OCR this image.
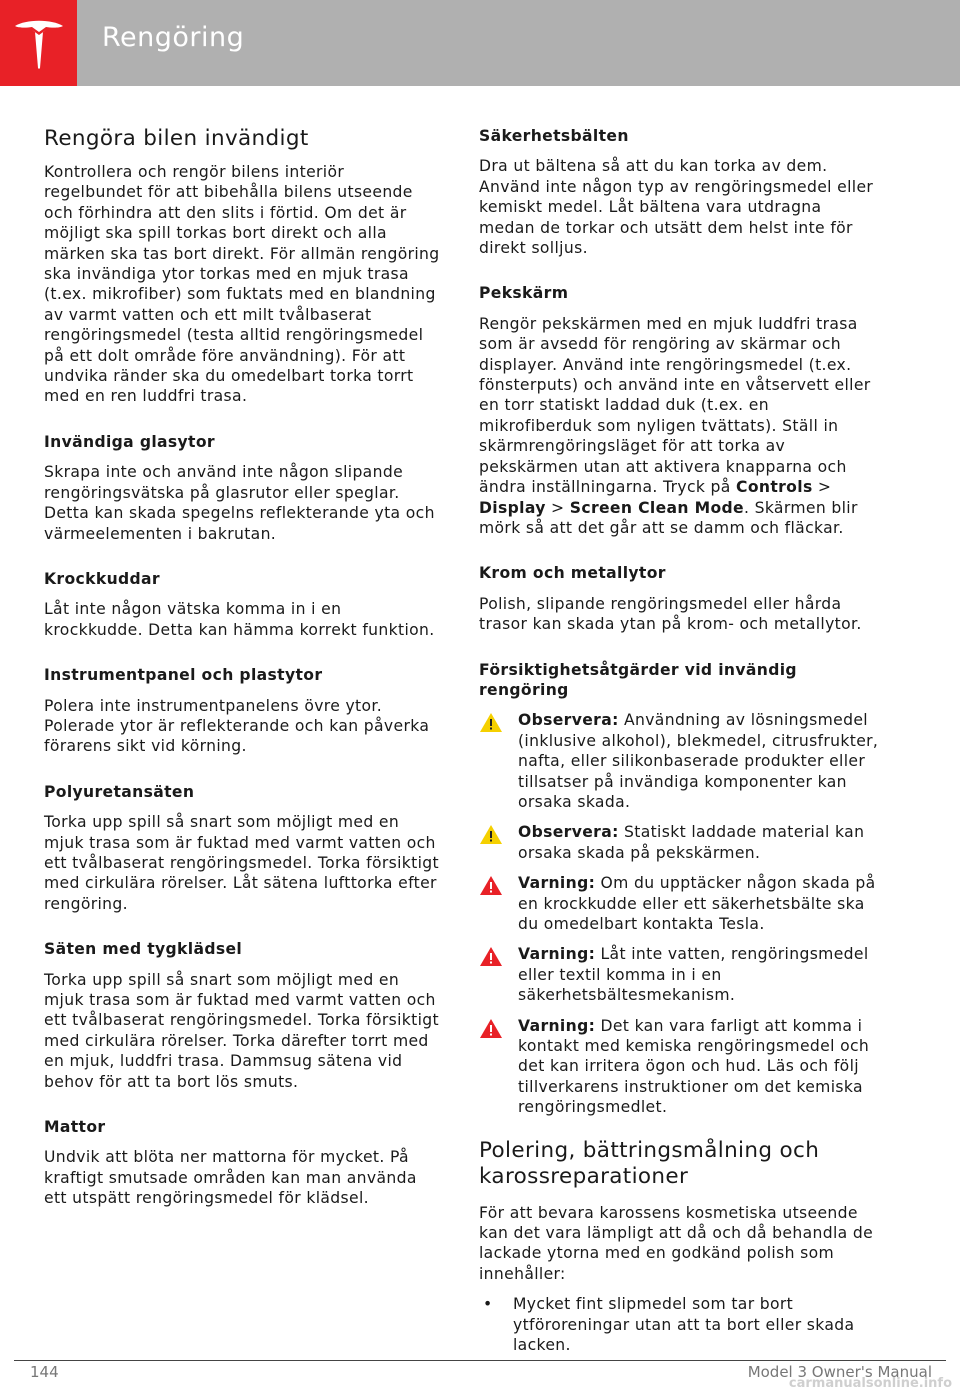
Rengöring
Rengöra bilen invändigt

Kontrollera och rengör bilens interiör regelbundet för att bibehålla bilens utseende och förhindra att den slits i förtid. Om det är möjligt ska spill torkas bort direkt och alla märken ska tas bort direkt. För allmän rengöring ska invändiga ytor torkas med en mjuk trasa (t.ex. mikrofiber) som fuktats med en blandning av varmt vatten och ett milt tvålbaserat rengöringsmedel (testa alltid rengöringsmedel på ett dolt område före användning). För att undvika ränder ska du omedelbart torka torrt med en ren luddfri trasa.

Invändiga glasytor

Skrapa inte och använd inte någon slipande rengöringsvätska på glasrutor eller speglar. Detta kan skada spegelns reflekterande yta och värmeelementen i bakrutan.

Krockkuddar

Låt inte någon vätska komma in i en krockkudde. Detta kan hämma korrekt funktion.

Instrumentpanel och plastytor

Polera inte instrumentpanelens övre ytor. Polerade ytor är reflekterande och kan påverka förarens sikt vid körning.

Polyuretansäten

Torka upp spill så snart som möjligt med en mjuk trasa som är fuktad med varmt vatten och ett tvålbaserat rengöringsmedel. Torka försiktigt med cirkulära rörelser. Låt sätena lufttorka efter rengöring.

Säten med tygklädsel

Torka upp spill så snart som möjligt med en mjuk trasa som är fuktad med varmt vatten och ett tvålbaserat rengöringsmedel. Torka försiktigt med cirkulära rörelser. Torka därefter torrt med en mjuk, luddfri trasa. Dammsug sätena vid behov för att ta bort lös smuts.

Mattor

Undvik att blöta ner mattorna för mycket. På kraftigt smutsade områden kan man använda ett utspätt rengöringsmedel för klädsel.

Säkerhetsbälten

Dra ut bältena så att du kan torka av dem. Använd inte någon typ av rengöringsmedel eller kemiskt medel. Låt bältena vara utdragna medan de torkar och utsätt dem helst inte för direkt solljus.

Pekskärm

Rengör pekskärmen med en mjuk luddfri trasa som är avsedd för rengöring av skärmar och displayer. Använd inte rengöringsmedel (t.ex. fönsterputs) och använd inte en våtservett eller en torr statiskt laddad duk (t.ex. en mikrofiberduk som nyligen tvättats). Ställ in skärmrengöringsläget för att torka av pekskärmen utan att aktivera knapparna och ändra inställningarna. Tryck på Controls > Display > Screen Clean Mode. Skärmen blir mörk så att det går att se damm och fläckar.

Krom och metallytor

Polish, slipande rengöringsmedel eller hårda trasor kan skada ytan på krom- och metallytor.

Försiktighetsåtgärder vid invändig rengöring
Observera: Användning av lösningsmedel (inklusive alkohol), blekmedel, citrusfrukter, nafta, eller silikonbaserade produkter eller tillsatser på invändiga komponenter kan orsaka skada.
Observera: Statiskt laddade material kan orsaka skada på pekskärmen.
Varning: Om du upptäcker någon skada på en krockkudde eller ett säkerhetsbälte ska du omedelbart kontakta Tesla.
Varning: Låt inte vatten, rengöringsmedel eller textil komma in i en säkerhetsbältesmekanism.
Varning: Det kan vara farligt att komma i kontakt med kemiska rengöringsmedel och det kan irritera ögon och hud. Läs och följ tillverkarens instruktioner om det kemiska rengöringsmedlet.
Polering, bättringsmålning och karossreparationer

För att bevara karossens kosmetiska utseende kan det vara lämpligt att då och då behandla de lackade ytorna med en godkänd polish som innehåller:

• Mycket fint slipmedel som tar bort ytföroreningar utan att ta bort eller skada lacken.
144	Model 3 Owner's Manual
carmanualsonline.info
